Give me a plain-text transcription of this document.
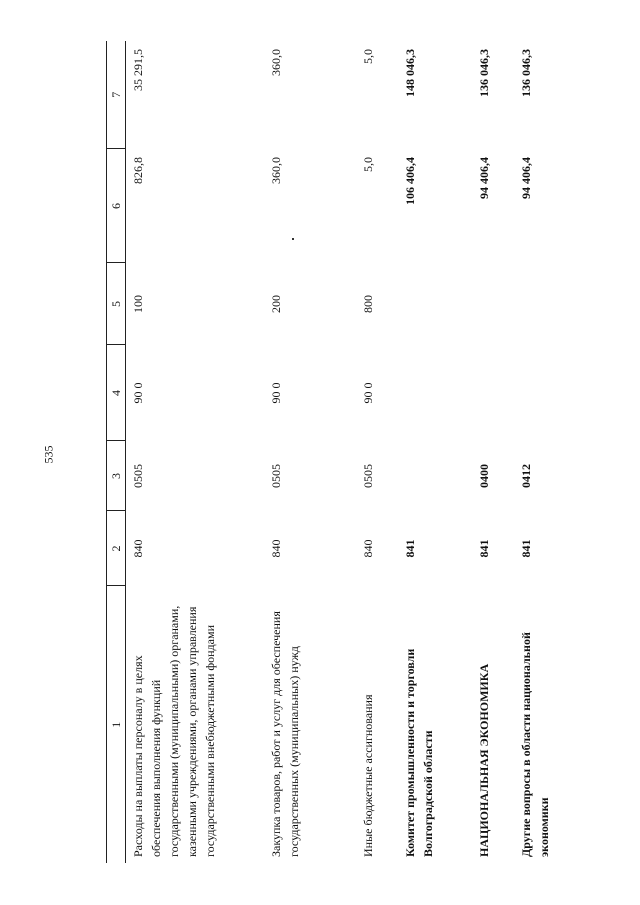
535
1	2	3	4	5	6	7
Расходы на выплаты персоналу в целях обеспечения выполнения функций государственными (муниципальными) органами, казенными учреждениями, органами управления государственными внебюджетными фондами	840	0505	90 0	100	826,8	35 291,5
Закупка товаров, работ и услуг для обеспечения государственных (муниципальных) нужд	840	0505	90 0	200	360,0	360,0
Иные бюджетные ассигнования	840	0505	90 0	800	5,0	5,0
Комитет промышленности и торговли Волгоградской области	841				106 406,4	148 046,3
НАЦИОНАЛЬНАЯ ЭКОНОМИКА	841	0400			94 406,4	136 046,3
Другие вопросы в области национальной экономики	841	0412			94 406,4	136 046,3
